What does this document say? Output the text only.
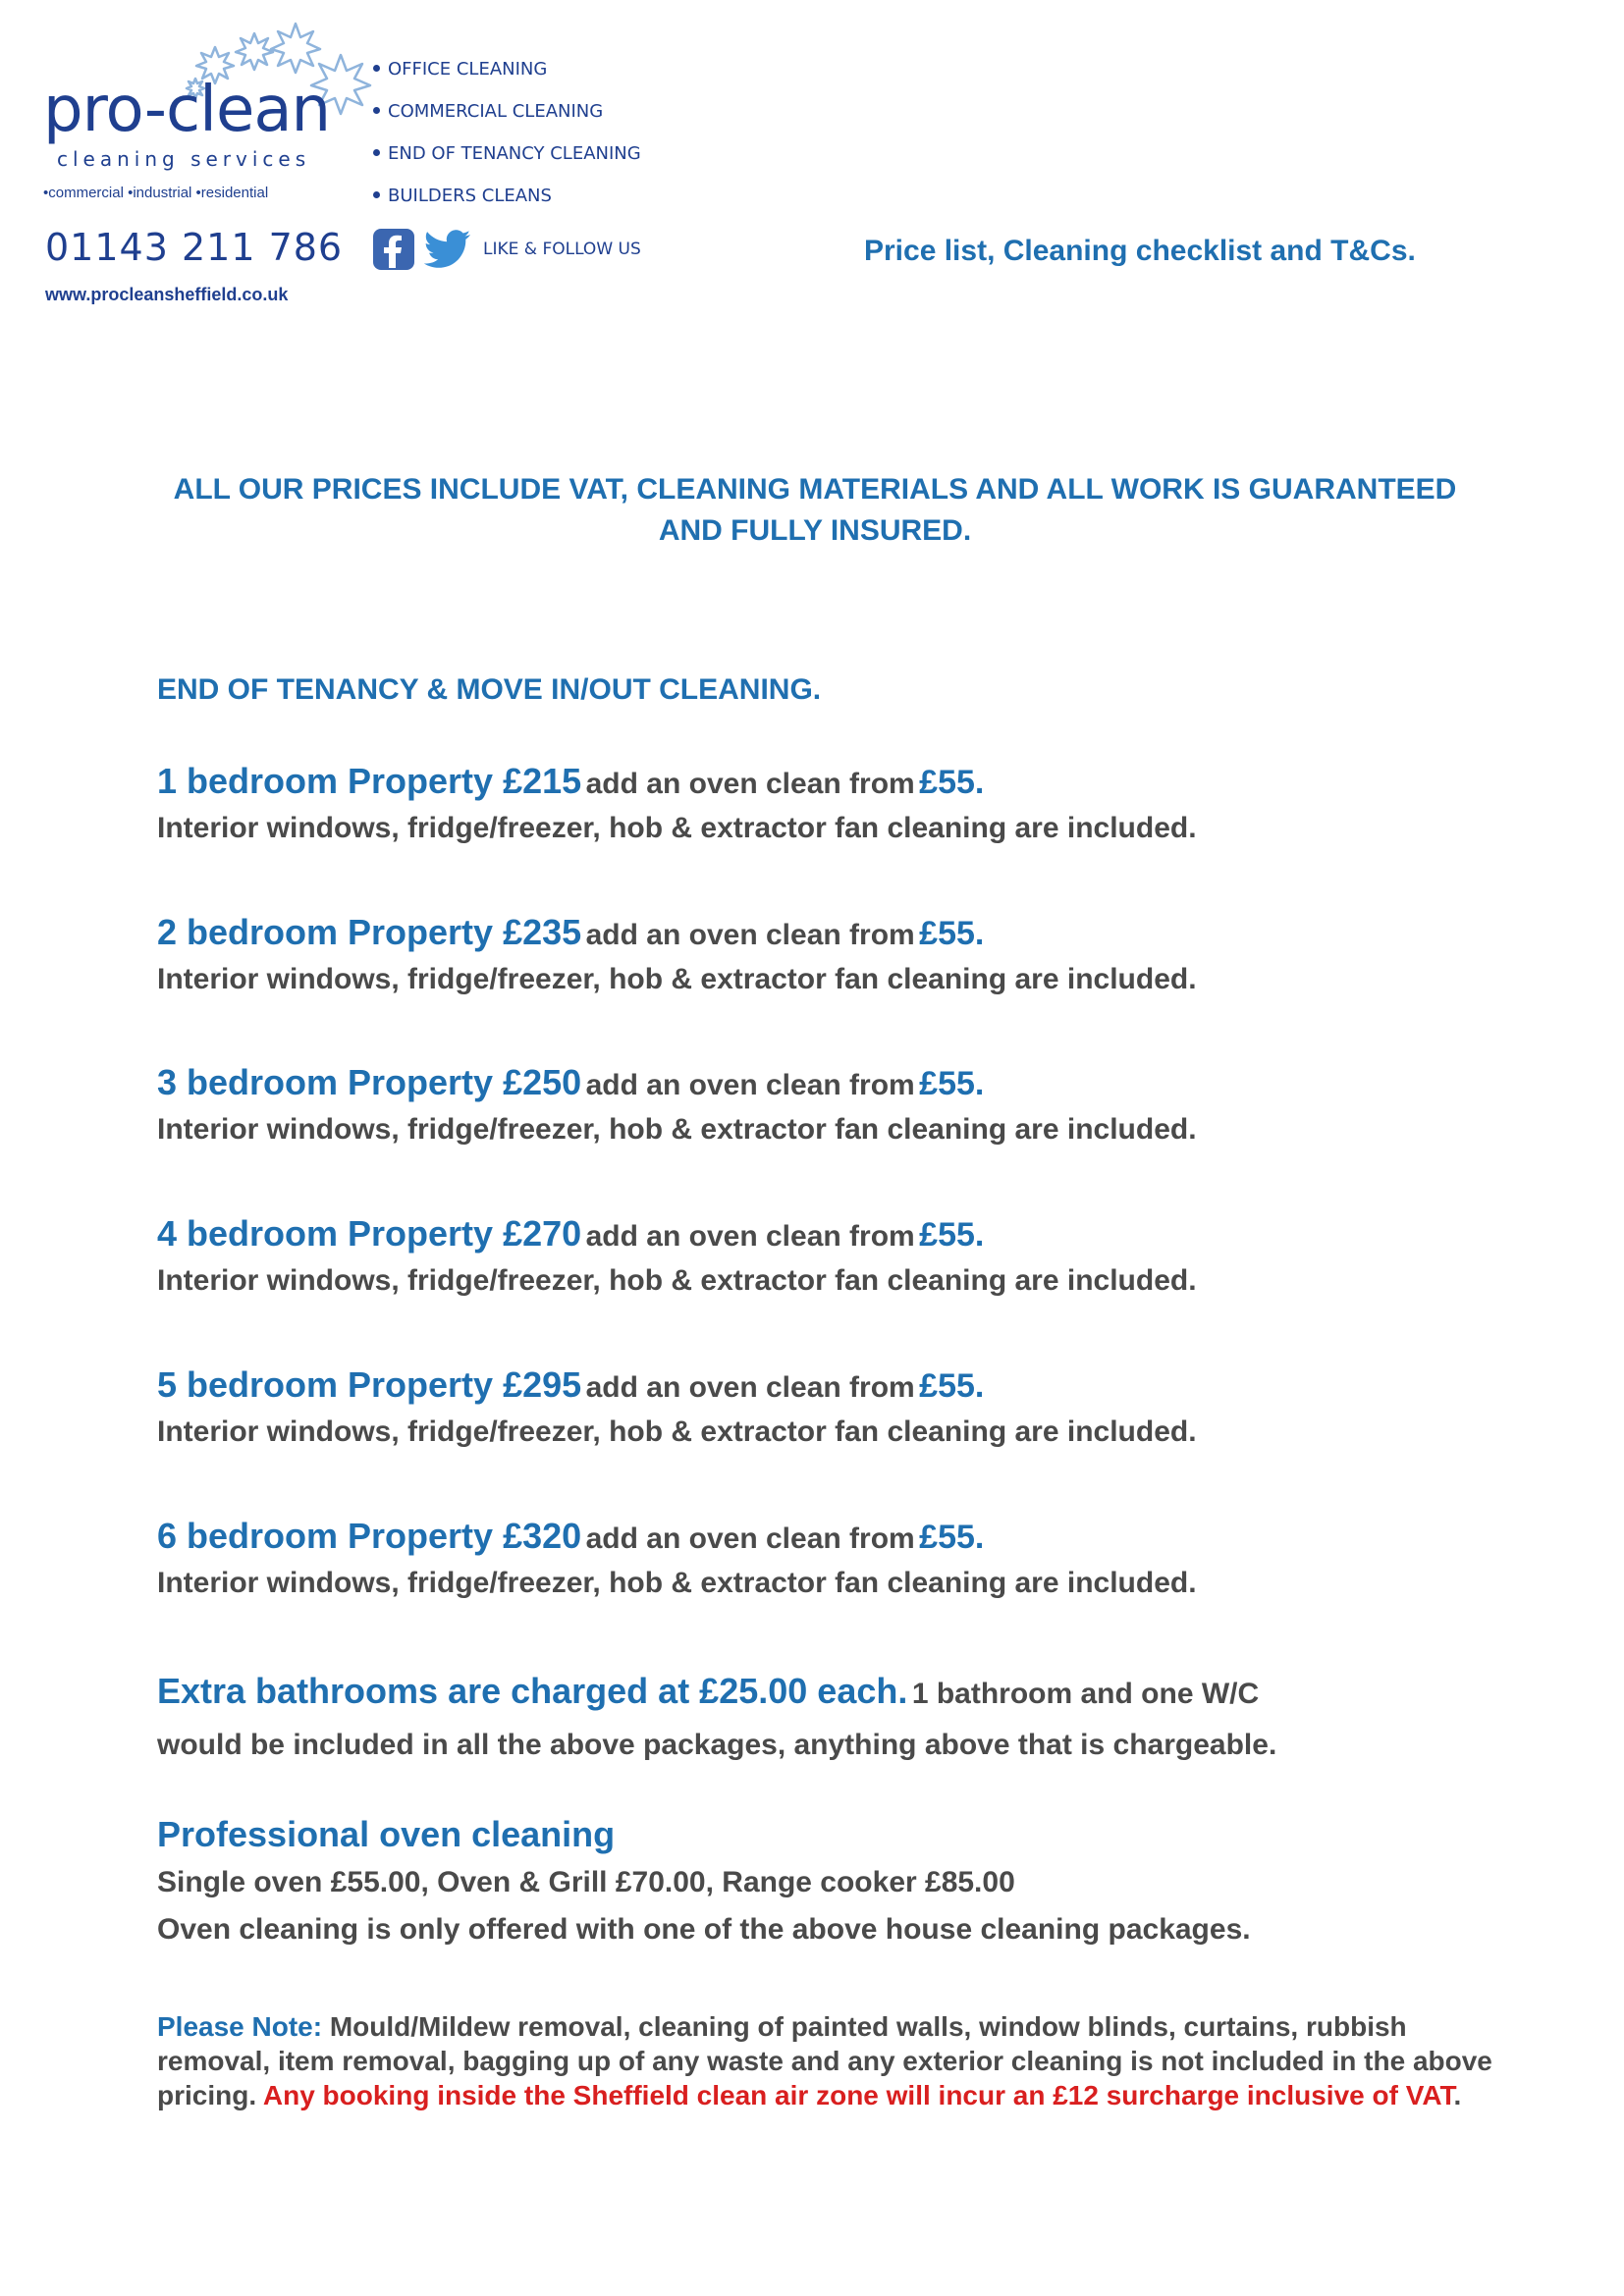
pro-clean
cleaning services
•commercial •industrial •residential
01143 211 786
www.procleansheffield.co.uk
OFFICE CLEANING
COMMERCIAL CLEANING
END OF TENANCY CLEANING
BUILDERS CLEANS
LIKE & FOLLOW US	Price list, Cleaning checklist and T&Cs.

ALL OUR PRICES INCLUDE VAT, CLEANING MATERIALS AND ALL WORK IS GUARANTEED AND FULLY INSURED.

END OF TENANCY & MOVE IN/OUT CLEANING.
1 bedroom Property £215 add an oven clean from £55.
Interior windows, fridge/freezer, hob & extractor fan cleaning are included.
2 bedroom Property £235 add an oven clean from £55.
Interior windows, fridge/freezer, hob & extractor fan cleaning are included.
3 bedroom Property £250 add an oven clean from £55.
Interior windows, fridge/freezer, hob & extractor fan cleaning are included.
4 bedroom Property £270 add an oven clean from £55.
Interior windows, fridge/freezer, hob & extractor fan cleaning are included.
5 bedroom Property £295 add an oven clean from £55.
Interior windows, fridge/freezer, hob & extractor fan cleaning are included.
6 bedroom Property £320 add an oven clean from £55.
Interior windows, fridge/freezer, hob & extractor fan cleaning are included.
Extra bathrooms are charged at £25.00 each. 1 bathroom and one W/C
would be included in all the above packages, anything above that is chargeable.
Professional oven cleaning
Single oven £55.00, Oven & Grill £70.00, Range cooker £85.00
Oven cleaning is only offered with one of the above house cleaning packages.

Please Note: Mould/Mildew removal, cleaning of painted walls, window blinds, curtains, rubbish removal, item removal, bagging up of any waste and any exterior cleaning is not included in the above pricing. Any booking inside the Sheffield clean air zone will incur an £12 surcharge inclusive of VAT.
